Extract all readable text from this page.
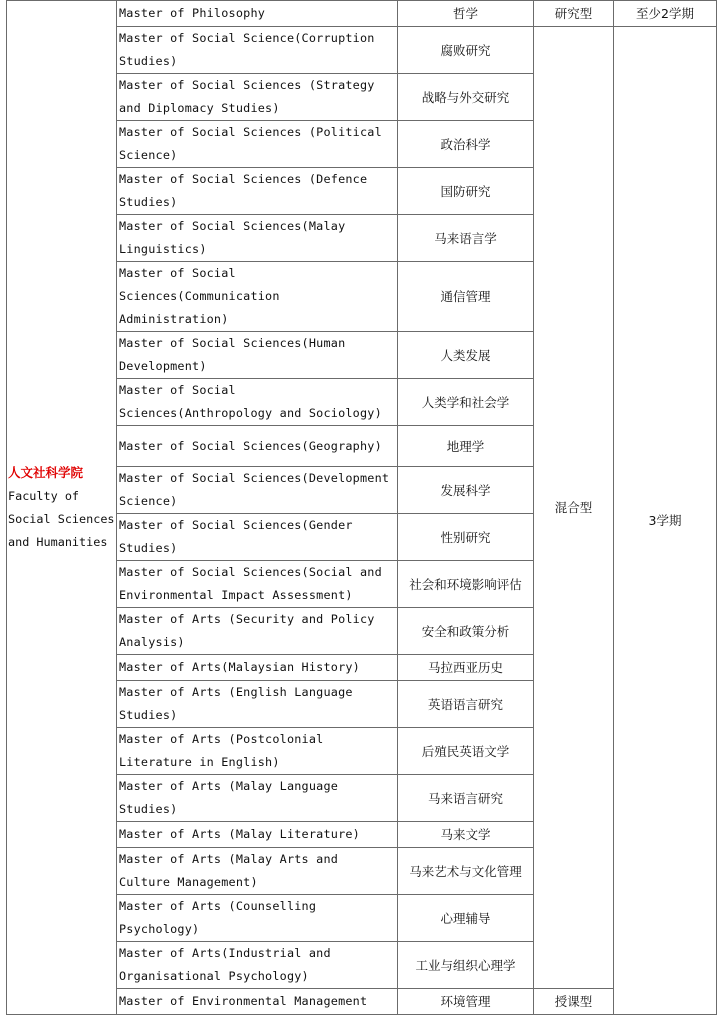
人文社科学院
Faculty of Social Sciences and Humanities	Master of Philosophy	哲学	研究型	至少2学期
	Master of Social Science(Corruption Studies)	腐败研究	混合型	3学期
	Master of Social Sciences (Strategy and Diplomacy Studies)	战略与外交研究		
	Master of Social Sciences (Political Science)	政治科学		
	Master of Social Sciences (Defence Studies)	国防研究		
	Master of Social Sciences(Malay Linguistics)	马来语言学		
	Master of Social Sciences(Communication Administration)	通信管理		
	Master of Social Sciences(Human Development)	人类发展		
	Master of Social Sciences(Anthropology and Sociology)	人类学和社会学		
	Master of Social Sciences(Geography)	地理学		
	Master of Social Sciences(Development Science)	发展科学		
	Master of Social Sciences(Gender Studies)	性别研究		
	Master of Social Sciences(Social and Environmental Impact Assessment)	社会和环境影响评估		
	Master of Arts (Security and Policy Analysis)	安全和政策分析		
	Master of Arts(Malaysian History)	马拉西亚历史		
	Master of Arts (English Language Studies)	英语语言研究		
	Master of Arts (Postcolonial Literature in English)	后殖民英语文学		
	Master of Arts (Malay Language Studies)	马来语言研究		
	Master of Arts (Malay Literature)	马来文学		
	Master of Arts (Malay Arts and Culture Management)	马来艺术与文化管理		
	Master of Arts (Counselling Psychology)	心理辅导		
	Master of Arts(Industrial and Organisational Psychology)	工业与组织心理学		
	Master of Environmental Management	环境管理	授课型	
